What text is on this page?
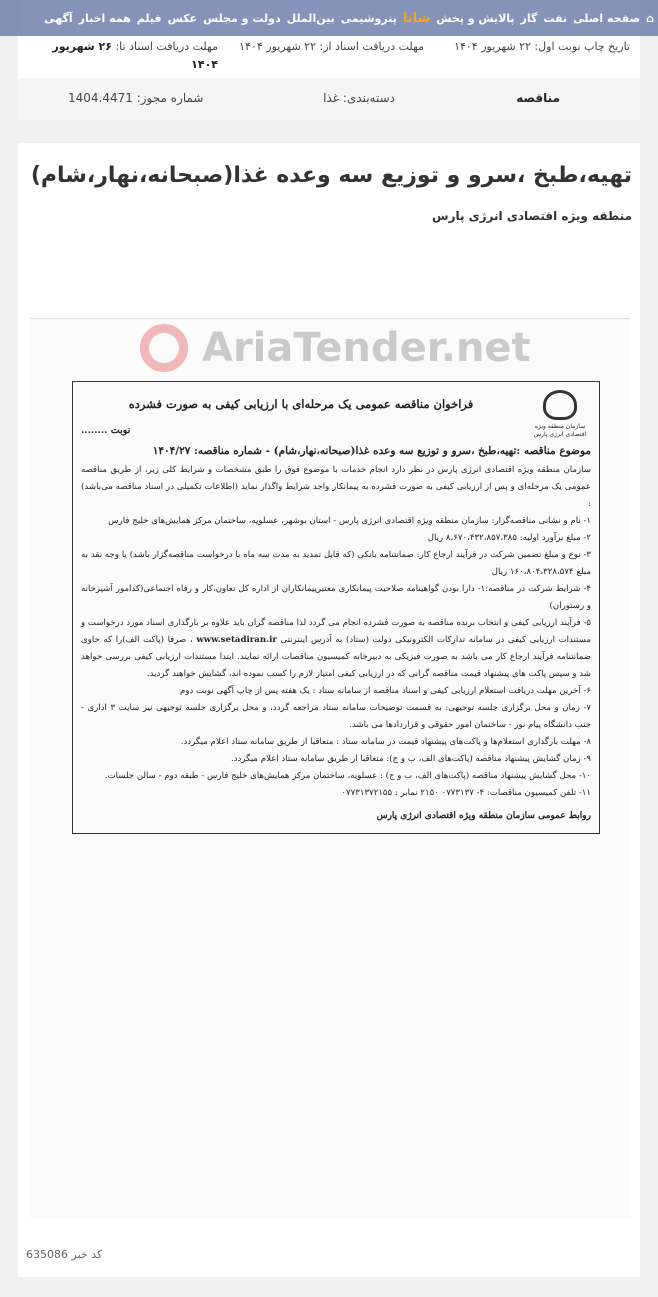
⌂
صفحه اصلی
نفت
گاز
پالایش و پخش
شانا
پتروشیمی
بین‌الملل
دولت و مجلس
عکس
فیلم
همه اخبار
آگهی
تاریخ چاپ نوبت اول: ۲۲ شهریور ۱۴۰۴
مهلت دریافت اسناد از: ۲۲ شهریور ۱۴۰۴
مهلت دریافت اسناد تا: ۲۶ شهریور ۱۴۰۴
مناقصه
دسته‌بندی: غذا
شماره مجوز: 1404.4471
تهیه،طبخ ،سرو و توزیع سه وعده غذا(صبحانه،نهار،شام)
منطقه ویژه اقتصادی انرژی پارس
AriaTender.net
سازمان منطقه ویژه اقتصادی انرژی پارس
فراخوان مناقصه عمومی یک مرحله‌ای با ارزیابی کیفی به صورت فشرده

نوبت ........

موضوع مناقصه :تهیه،طبخ ،سرو و توزیع سه وعده غذا(صبحانه،نهار،شام) - شماره مناقصه: ۱۴۰۴/۲۷

سازمان منطقه ویژه اقتصادی انرژی پارس در نظر دارد انجام خدمات با موضوع فوق را طبق مشخصات و شرایط کلی زیر، از طریق مناقصه عمومی یک مرحله‌ای و پس از ارزیابی کیفی به صورت فشرده به پیمانکار واجد شرایط واگذار نماید (اطلاعات تکمیلی در اسناد مناقصه می‌باشد) :

۱- نام و نشانی مناقصه‌گزار: سازمان منطقه ویژه اقتصادی انرژی پارس - استان بوشهر، عسلویه، ساختمان مرکز همایش‌های خلیج فارس

۲- مبلغ برآورد اولیه: ۸،۶۷۰،۴۳۲،۸۵۷،۳۸۵ ریال

۳- نوع و مبلغ تضمین شرکت در فرآیند ارجاع کار: ضمانتنامه بانکی (که قابل تمدید به مدت سه ماه با درخواست مناقصه‌گزار باشد) یا وجه نقد به مبلغ ۱۶۰،۸۰۴،۳۲۸،۵۷۴ ریال

۴- شرایط شرکت در مناقصه:۱- دارا بودن گواهینامه صلاحیت پیمانکاری معتبرپیمانکاران از اداره کل تعاون،کار و رفاه اجتماعی(کدامور آشپزخانه و رستوران)

۵- فرآیند ارزیابی کیفی و انتخاب برنده مناقصه به صورت فشرده انجام می گردد لذا مناقصه گران باید علاوه بر بارگذاری اسناد موزد درخواست و مستندات ارزیابی کیفی در سامانه تدارکات الکترونیکی دولت (ستاد) به آدرس اینترنتی www.setadiran.ir ، صرفا (پاکت الف)را که حاوی ضمانتنامه فرآیند ارجاع کار می باشد به صورت فیزیکی به دبیرخانه کمیسیون مناقصات ارائه نمایند. ابتدا مستندات ارزیابی کیفی بررسی خواهد شد و سپس پاکت های پیشنهاد قیمت مناقصه گرانی که در ارزیابی کیفی امتیاز لازم را کسب نموده اند، گشایش خواهند گردید.

۶- آخرین مهلت دریافت استعلام ارزیابی کیفی و اسناد مناقصه از سامانه ستاد : یک هفته پس از چاپ آگهی نوبت دوم

۷- زمان و محل برگزاری جلسه توجیهی: به قسمت توضیحات سامانه ستاد مراجعه گردد، و محل برگزاری جلسه توجیهی نیز سایت ۳ اداری - جنب دانشگاه پیام نور - ساختمان امور حقوقی و قراردادها می باشد.

۸- مهلت بارگذاری استعلام‌ها و پاکت‌های پیشنهاد قیمت در سامانه ستاد : متعاقبا از طریق سامانه ستاد اعلام میگردد.

۹- زمان گشایش پیشنهاد مناقصه (پاکت‌های الف، ب و ج): متعاقبا از طریق سامانه ستاد اعلام میگردد.

۱۰- محل گشایش پیشنهاد مناقصه (پاکت‌های الف، ب و ج) : عسلویه، ساختمان مرکز همایش‌های خلیج فارس - طبقه دوم - سالن جلسات.

۱۱- تلفن کمیسیون مناقصات: ۴- ۰۷۷۳۱۳۷ ۲۱۵۰ نمابر : ۰۷۷۳۱۳۷۲۱۵۵

روابط عمومی سازمان منطقه ویژه اقتصادی انرژی پارس

کد خبر 635086
